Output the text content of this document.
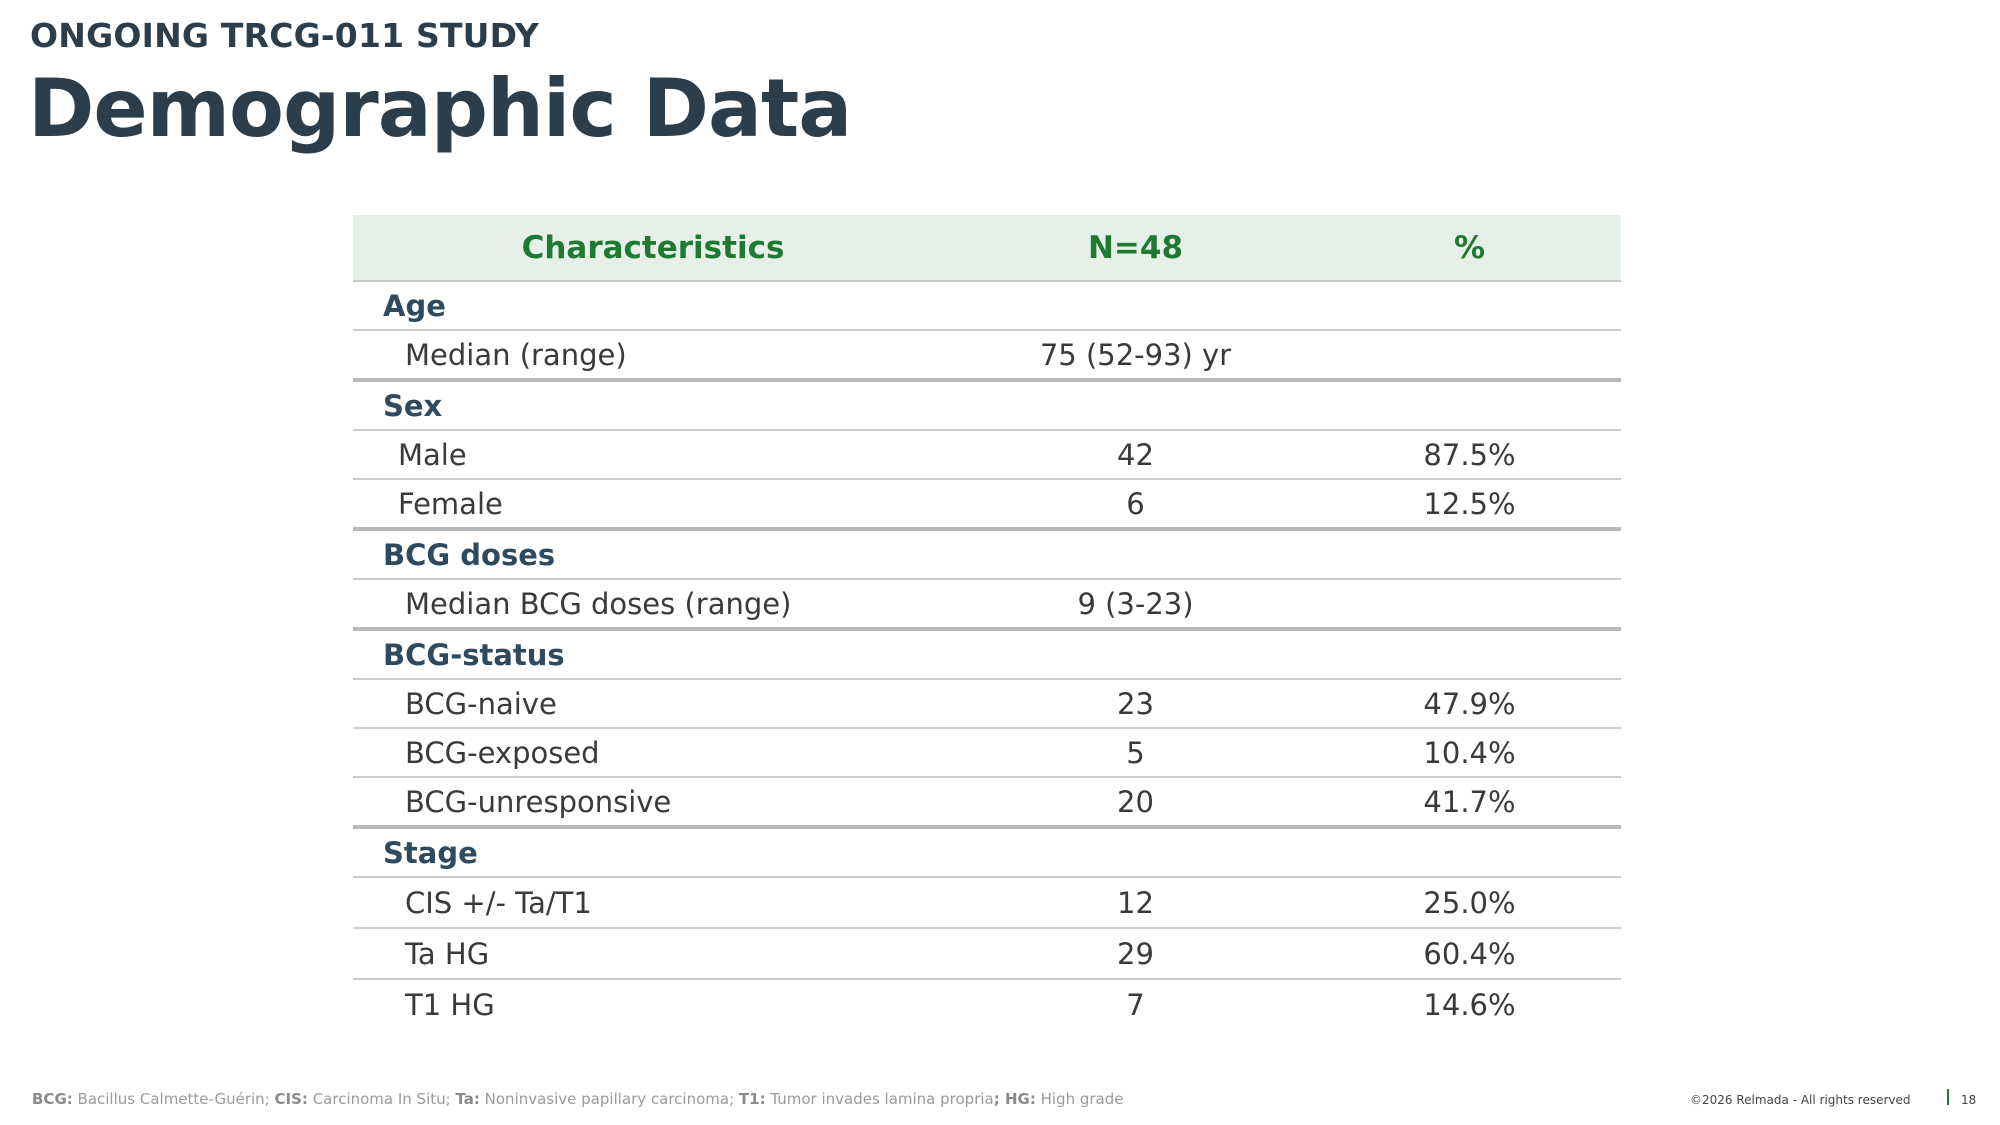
ONGOING TRCG-011 STUDY
Demographic Data
Characteristics	N=48	%
Age		
Median (range)	75 (52-93) yr	
Sex		
Male	42	87.5%
Female	6	12.5%
BCG doses		
Median BCG doses (range)	9 (3-23)	
BCG-status		
BCG-naive	23	47.9%
BCG-exposed	5	10.4%
BCG-unresponsive	20	41.7%
Stage		
CIS +/- Ta/T1	12	25.0%
Ta HG	29	60.4%
T1 HG	7	14.6%
BCG: Bacillus Calmette-Guérin; CIS: Carcinoma In Situ; Ta: Noninvasive papillary carcinoma; T1: Tumor invades lamina propria; HG: High grade	©2026 Relmada - All rights reserved	18
